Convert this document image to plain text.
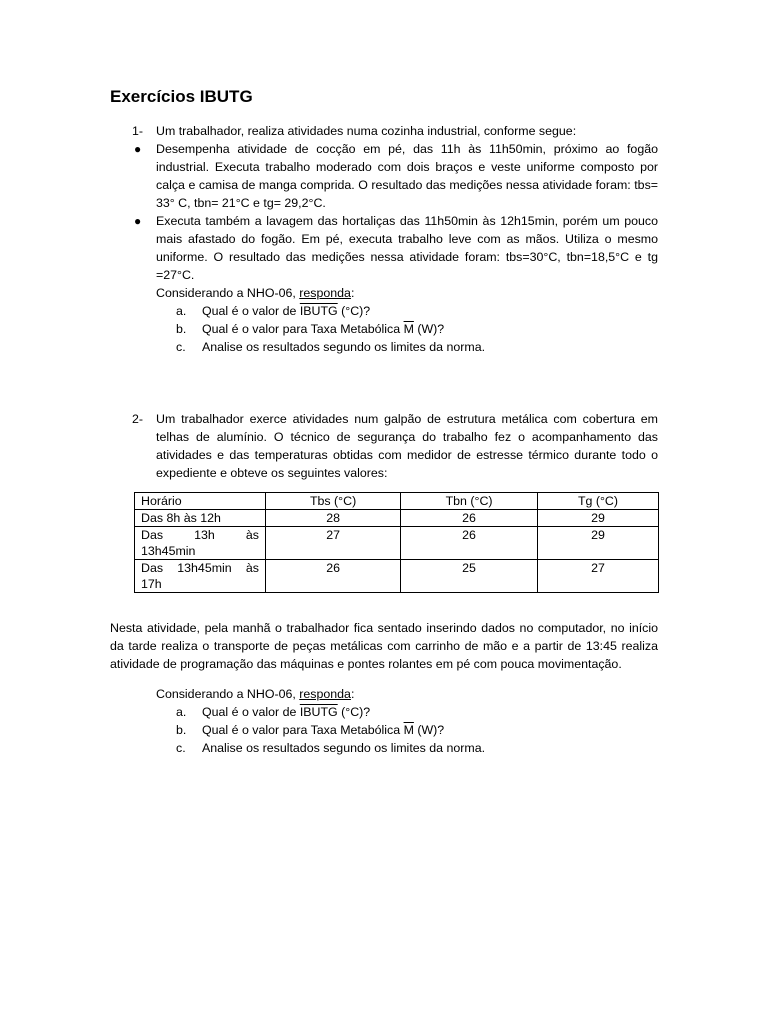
Exercícios IBUTG
1- Um trabalhador, realiza atividades numa cozinha industrial, conforme segue:
● Desempenha atividade de cocção em pé, das 11h às 11h50min, próximo ao fogão industrial. Executa trabalho moderado com dois braços e veste uniforme composto por calça e camisa de manga comprida. O resultado das medições nessa atividade foram: tbs= 33° C, tbn= 21°C e tg= 29,2°C.
● Executa também a lavagem das hortaliças das 11h50min às 12h15min, porém um pouco mais afastado do fogão. Em pé, executa trabalho leve com as mãos. Utiliza o mesmo uniforme. O resultado das medições nessa atividade foram: tbs=30°C, tbn=18,5°C e tg =27°C.
Considerando a NHO-06, responda:
a. Qual é o valor de IBUTG (°C)?
b. Qual é o valor para Taxa Metabólica $\overline{M}$ (W)?
c. Analise os resultados segundo os limites da norma.
2- Um trabalhador exerce atividades num galpão de estrutura metálica com cobertura em telhas de alumínio. O técnico de segurança do trabalho fez o acompanhamento das atividades e das temperaturas obtidas com medidor de estresse térmico durante todo o expediente e obteve os seguintes valores:
Horário	Tbs (°C)	Tbn (°C)	Tg (°C)

Das 8h às 12h	28	26	29

Das 13h às
13h45min	27	26	29

Das 13h45min às
17h	26	25	27

Nesta atividade, pela manhã o trabalhador fica sentado inserindo dados no computador, no início da tarde realiza o transporte de peças metálicas com carrinho de mão e a partir de 13:45 realiza atividade de programação das máquinas e pontes rolantes em pé com pouca movimentação.

Considerando a NHO-06, responda:
a. Qual é o valor de IBUTG (°C)?
b. Qual é o valor para Taxa Metabólica $\overline{M}$ (W)?
c. Analise os resultados segundo os limites da norma.
